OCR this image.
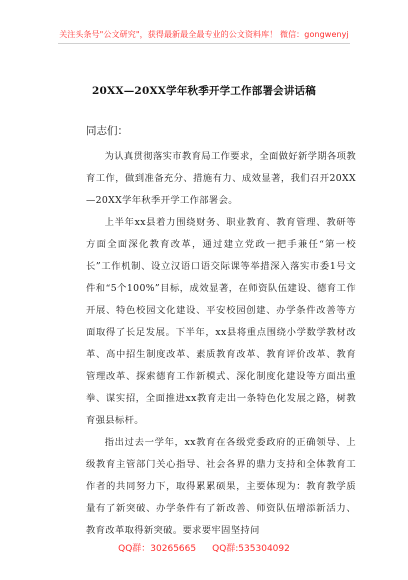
关注头条号"公文研究"，获得最新最全最专业的公文资料库！ 微信：gongwenyj
20XX—20XX学年秋季开学工作部署会讲话稿

同志们：

为认真贯彻落实市教育局工作要求，全面做好新学期各项教育工作，做到准备充分、措施有力、成效显著，我们召开20XX—20XX学年秋季开学工作部署会。

上半年xx县着力围绕财务、职业教育、教育管理、教研等方面全面深化教育改革，通过建立党政一把手兼任“第一校长”工作机制、设立汉语口语交际课等举措深入落实市委1号文件和“5个100%”目标，成效显著，在师资队伍建设、德育工作开展、特色校园文化建设、平安校园创建、办学条件改善等方面取得了长足发展。下半年，xx县将重点围绕小学数学教材改革、高中招生制度改革、素质教育改革、教育评价改革、教育管理改革、探索德育工作新模式、深化制度化建设等方面出重拳、谋实招，全面推进xx教育走出一条特色化发展之路，树教育强县标杆。

指出过去一学年，xx教育在各级党委政府的正确领导、上级教育主管部门关心指导、社会各界的鼎力支持和全体教育工作者的共同努力下，取得累累硕果，主要体现为：教育教学质量有了新突破、办学条件有了新改善、师资队伍增添新活力、教育改革取得新突破。要求要牢固坚持问

QQ群：30265665 QQ群:535304092
